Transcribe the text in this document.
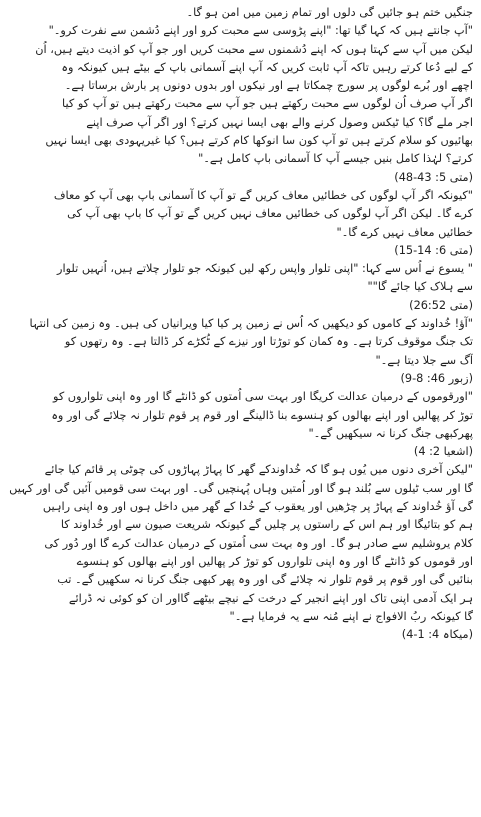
جنگیں ختم ہو جائیں گی دلوں اور تمام زمین میں امن ہو گا۔
"آپ جانتے ہیں کہ کہا گیا تھا: "اپنے پڑوسی سے محبت کرو اور اپنے دُشمن سے نفرت کرو۔"
لیکن میں آپ سے کہتا ہوں کہ اپنے دُشمنوں سے محبت کریں اور جو آپ کو اذیت دیتے ہیں، اُن
کے لیے دُعا کرتے رہیں تاکہ آپ ثابت کریں کہ آپ اپنے آسمانی باپ کے بیٹے ہیں کیونکہ وہ
اچھے اور بُرے لوگوں پر سورج چمکاتا ہے اور نیکوں اور بدوں دونوں پر بارش برساتا ہے۔
اگر آپ صرف اُن لوگوں سے محبت رکھتے ہیں جو آپ سے محبت رکھتے ہیں تو آپ کو کیا
اجر ملے گا؟ کیا ٹیکس وصول کرنے والے بھی ایسا نہیں کرتے؟ اور اگر آپ صرف اپنے
بھائیوں کو سلام کرتے ہیں تو آپ کون سا انوکھا کام کرتے ہیں؟ کیا غیریہودی بھی ایسا نہیں
کرتے؟ لہٰذا کامل بنیں جیسے آپ کا آسمانی باپ کامل ہے۔"
(متی 5: 43-48)
"کیونکہ اگر آپ لوگوں کی خطائیں معاف کریں گے تو آپ کا آسمانی باپ بھی آپ کو معاف
کرے گا۔ لیکن اگر آپ لوگوں کی خطائیں معاف نہیں کریں گے تو آپ کا باپ بھی آپ کی
خطائیں معاف نہیں کرے گا۔"
(متی 6: 14-15)
" یسوع نے اُس سے کہا: "اپنی تلوار واپس رکھ لیں کیونکہ جو تلوار چلاتے ہیں، اُنہیں تلوار
سے ہلاک کیا جائے گا""
(متی 26:52)
"آؤ! خُداوند کے کاموں کو دیکھیں کہ اُس نے زمین پر کیا کیا ویرانیاں کی ہیں۔ وہ زمین کی انتہا
تک جنگ موقوف کرتا ہے۔ وہ کمان کو توڑتا اور نیزے کے ٹُکڑے کر ڈالتا ہے۔ وہ رتھوں کو
آگ سے جلا دیتا ہے۔"
(زبور 46: 8-9)
"اورقوموں کے درمیان عدالت کریگا اور بہت سی اُمتوں کو ڈانٹے گا اور وہ اپنی تلواروں کو
توڑ کر پھالیں اور اپنے بھالوں کو ہنسوے بنا ڈالینگے اور قوم پر قوم تلوار نہ چلائے گی اور وہ
پھرکبھی جنگ کرنا نہ سیکھیں گے۔"
(اشعیا 2: 4)
"لیکن آخری دنوں میں یُوں ہو گا کہ خُداوندکے گھر کا پہاڑ پہاڑوں کی چوٹی پر قائم کیا جائے
گا اور سب ٹیلوں سے بُلند ہو گا اور اُمتیں وہاں پُہنچیں گی۔ اور بہت سی قومیں آئیں گی اور کہیں
گی آؤ خُداوند کے پہاڑ پر چڑھیں اور یعقوب کے خُدا کے گھر میں داخل ہوں اور وہ اپنی راہیں
ہم کو بتائیگا اور ہم اس کے راستوں پر چلیں گے کیونکہ شریعت صیون سے اور خُداوند کا
کلام یروشلیم سے صادر ہو گا۔ اور وہ بہت سی اُمتوں کے درمیان عدالت کرے گا اور دُور کی
اور قوموں کو ڈانٹے گا اور وہ اپنی تلواروں کو توڑ کر پھالیں اور اپنے بھالوں کو ہنسوے
بنائیں گی اور قوم پر قوم تلوار نہ چلائے گی اور وہ پھر کبھی جنگ کرنا نہ سکھیں گے۔ تب
ہر ایک آدمی اپنی تاک اور اپنے انجیر کے درخت کے نیچے بیٹھے گااور ان کو کوئی نہ ڈرائے
گا کیونکہ ربُ الافواج نے اپنے مُنہ سے یہ فرمایا ہے۔"
(میکاہ 4: 1-4)
